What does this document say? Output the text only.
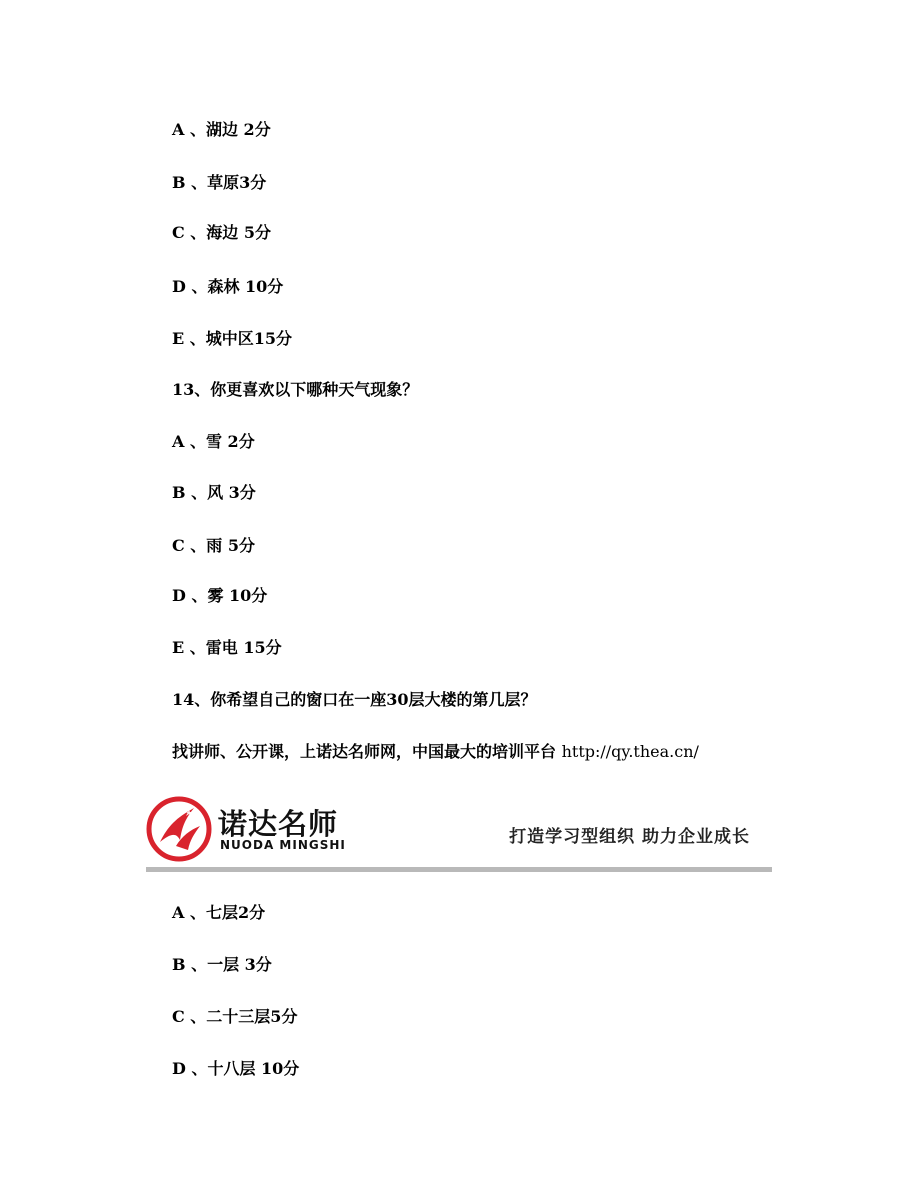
A 、湖边 2分
B 、草原3分
C 、海边 5分
D 、森林 10分
E 、城中区15分
13、你更喜欢以下哪种天气现象？
A 、雪 2分
B 、风 3分
C 、雨 5分
D 、雾 10分
E 、雷电 15分
14、你希望自己的窗口在一座30层大楼的第几层？
找讲师、公开课，上诺达名师网，中国最大的培训平台 http://qy.thea.cn/
诺达名师
NUODA MINGSHI	打造学习型组织 助力企业成长
A 、七层2分
B 、一层 3分
C 、二十三层5分
D 、十八层 10分
